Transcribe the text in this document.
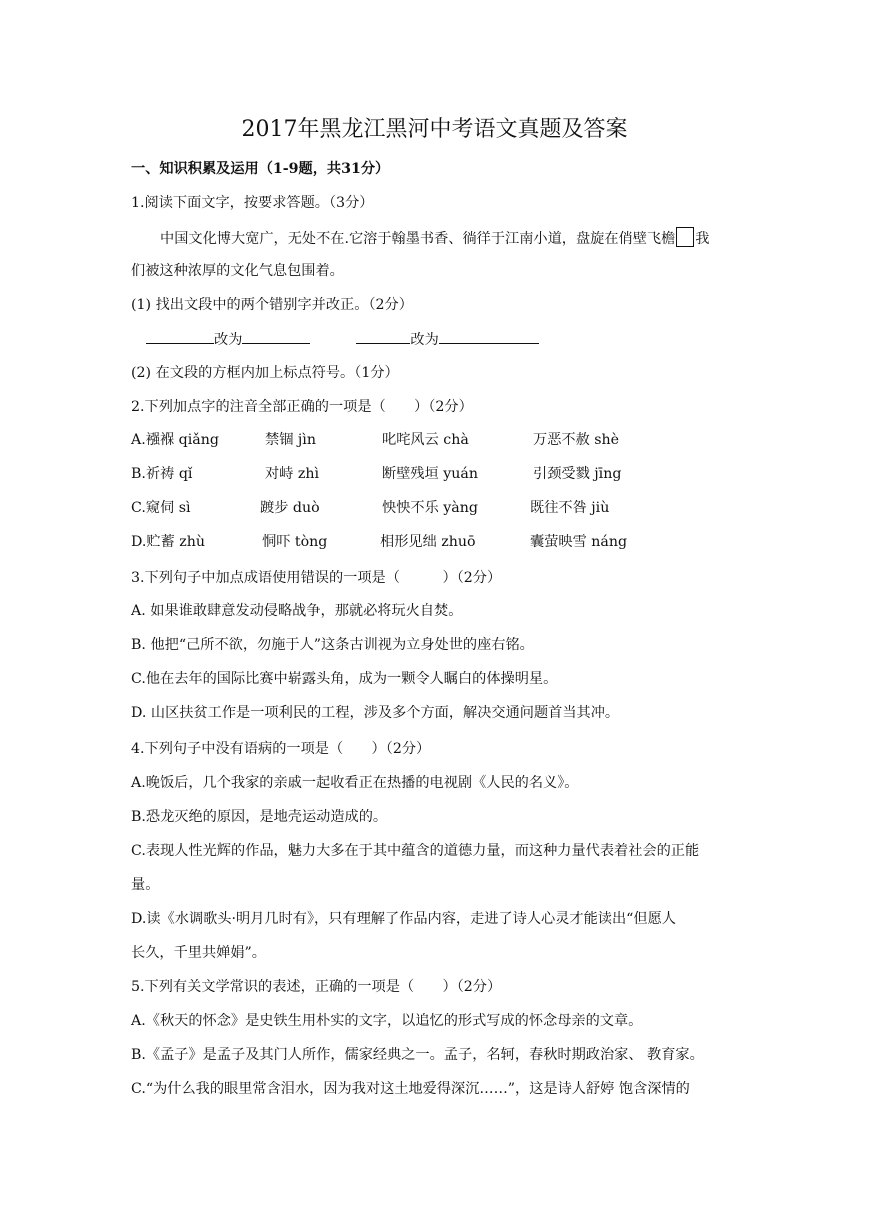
2017年黑龙江黑河中考语文真题及答案
一、知识积累及运用（1-9题，共31分）
1.阅读下面文字，按要求答题。（3分）
中国文化博大宽广，无处不在.它溶于翰墨书香、徜徉于江南小道，盘旋在俏壁飞檐 我
们被这种浓厚的文化气息包围着。
(1) 找出文段中的两个错别字并改正。（2分）
改为	改为
(2) 在文段的方框内加上标点符号。（1分）
2.下列加点字的注音全部正确的一项是（　　）（2分）
A.襁褓 qiǎng	禁锢 jìn	叱咤风云 chà	万恶不赦 shè
B.祈祷 qǐ	对峙 zhì	断壁残垣 yuán	引颈受戮 jīng
C.窥伺 sì	踱步 duò	怏怏不乐 yàng	既往不咎 jiù
D.贮蓄 zhù	恫吓 tòng	相形见绌 zhuō	囊萤映雪 náng
3.下列句子中加点成语使用错误的一项是（　　　）（2分）
A. 如果谁敢肆意发动侵略战争，那就必将玩火自焚。
B. 他把“己所不欲，勿施于人”这条古训视为立身处世的座右铭。
C.他在去年的国际比赛中崭露头角，成为一颗令人瞩白的体操明星。
D. 山区扶贫工作是一项利民的工程，涉及多个方面，解决交通问题首当其冲。
4.下列句子中没有语病的一项是（　　）（2分）
A.晚饭后，几个我家的亲戚一起收看正在热播的电视剧《人民的名义》。
B.恐龙灭绝的原因，是地壳运动造成的。
C.表现人性光辉的作品，魅力大多在于其中蕴含的道德力量，而这种力量代表着社会的正能
量。
D.读《水调歌头·明月几时有》，只有理解了作品内容，走进了诗人心灵才能读出“但愿人
长久，千里共婵娟”。
5.下列有关文学常识的表述，正确的一项是（　　）（2分）
A.《秋天的怀念》是史铁生用朴实的文字，以追忆的形式写成的怀念母亲的文章。
B.《孟子》是孟子及其门人所作，儒家经典之一。孟子，名轲，春秋时期政治家、 教育家。
C.“为什么我的眼里常含泪水，因为我对这土地爱得深沉……”，这是诗人舒婷 饱含深情的
